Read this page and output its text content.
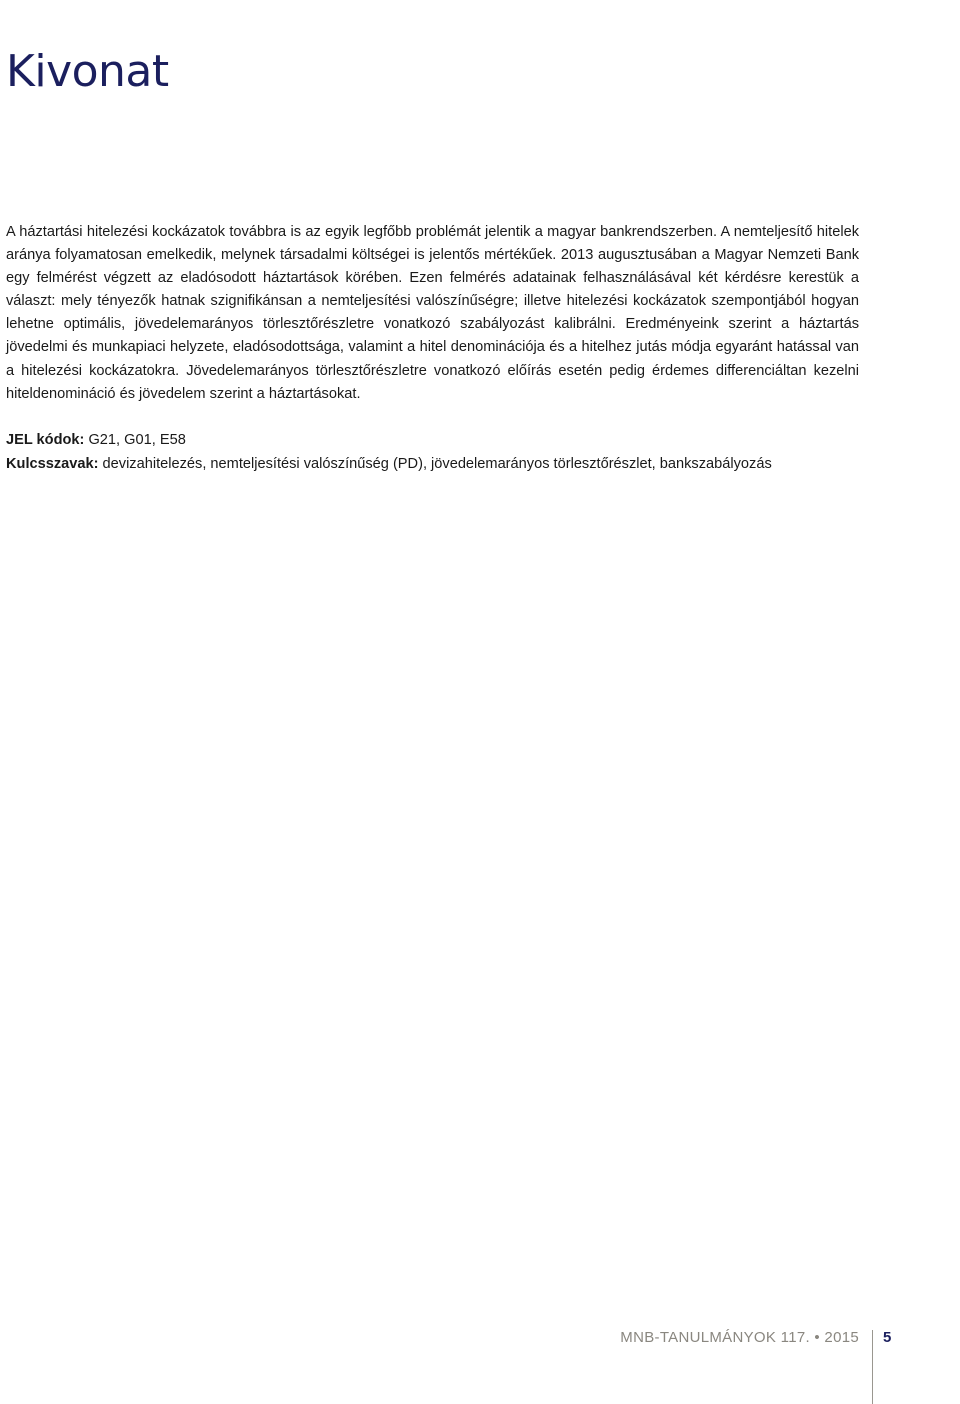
Kivonat

A háztartási hitelezési kockázatok továbbra is az egyik legfőbb problémát jelentik a magyar bankrendszerben. A nemteljesítő hitelek aránya folyamatosan emelkedik, melynek társadalmi költségei is jelentős mértékűek. 2013 augusztusában a Magyar Nemzeti Bank egy felmérést végzett az eladósodott háztartások körében. Ezen felmérés adatainak felhasználásával két kérdésre kerestük a választ: mely tényezők hatnak szignifikánsan a nemteljesítési valószínűségre; illetve hitelezési kockázatok szempontjából hogyan lehetne optimális, jövedelemarányos törlesztőrészletre vonatkozó szabályozást kalibrálni. Eredményeink szerint a háztartás jövedelmi és munkapiaci helyzete, eladósodottsága, valamint a hitel denominációja és a hitelhez jutás módja egyaránt hatással van a hitelezési kockázatokra. Jövedelemarányos törlesztőrészletre vonatkozó előírás esetén pedig érdemes differenciáltan kezelni hiteldenomináció és jövedelem szerint a háztartásokat.

JEL kódok: G21, G01, E58

Kulcsszavak: devizahitelezés, nemteljesítési valószínűség (PD), jövedelemarányos törlesztőrészlet, bankszabályozás

MNB-TANULMÁNYOK 117. • 2015 5
